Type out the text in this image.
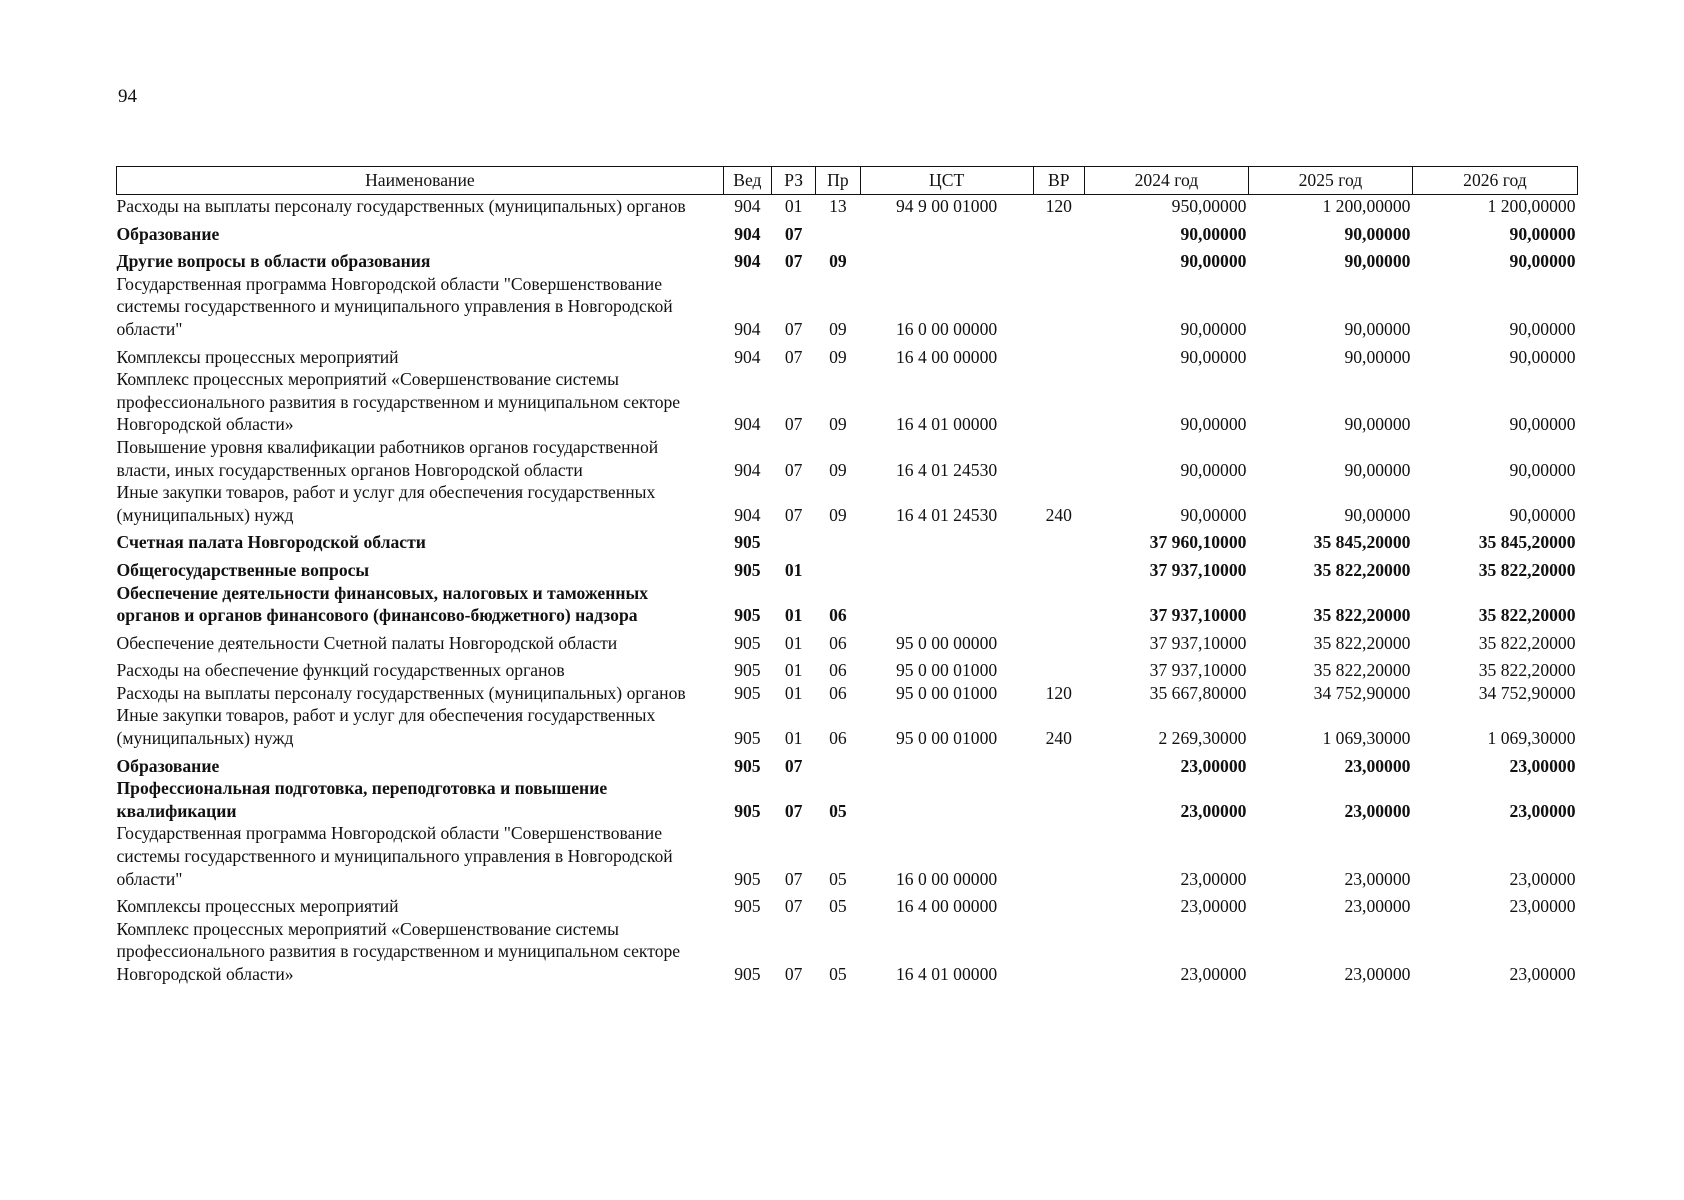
94
Наименование	Вед	РЗ	Пр	ЦСТ	ВР	2024 год	2025 год	2026 год
Расходы на выплаты персоналу государственных (муниципальных) органов	904	01	13	94 9 00 01000	120	950,00000	1 200,00000	1 200,00000
Образование	904	07				90,00000	90,00000	90,00000
Другие вопросы в области образования	904	07	09			90,00000	90,00000	90,00000
Государственная программа Новгородской области "Совершенствование системы государственного и муниципального управления в Новгородской области"	904	07	09	16 0 00 00000		90,00000	90,00000	90,00000
Комплексы процессных мероприятий	904	07	09	16 4 00 00000		90,00000	90,00000	90,00000
Комплекс процессных мероприятий «Совершенствование системы профессионального развития в государственном и муниципальном секторе Новгородской области»	904	07	09	16 4 01 00000		90,00000	90,00000	90,00000
Повышение уровня квалификации работников органов государственной власти, иных государственных органов Новгородской области	904	07	09	16 4 01 24530		90,00000	90,00000	90,00000
Иные закупки товаров, работ и услуг для обеспечения государственных (муниципальных) нужд	904	07	09	16 4 01 24530	240	90,00000	90,00000	90,00000
Счетная палата Новгородской области	905					37 960,10000	35 845,20000	35 845,20000
Общегосударственные вопросы	905	01				37 937,10000	35 822,20000	35 822,20000
Обеспечение деятельности финансовых, налоговых и таможенных органов и органов финансового (финансово-бюджетного) надзора	905	01	06			37 937,10000	35 822,20000	35 822,20000
Обеспечение деятельности Счетной палаты Новгородской области	905	01	06	95 0 00 00000		37 937,10000	35 822,20000	35 822,20000
Расходы на обеспечение функций государственных органов	905	01	06	95 0 00 01000		37 937,10000	35 822,20000	35 822,20000
Расходы на выплаты персоналу государственных (муниципальных) органов	905	01	06	95 0 00 01000	120	35 667,80000	34 752,90000	34 752,90000
Иные закупки товаров, работ и услуг для обеспечения государственных (муниципальных) нужд	905	01	06	95 0 00 01000	240	2 269,30000	1 069,30000	1 069,30000
Образование	905	07				23,00000	23,00000	23,00000
Профессиональная подготовка, переподготовка и повышение квалификации	905	07	05			23,00000	23,00000	23,00000
Государственная программа Новгородской области "Совершенствование системы государственного и муниципального управления в Новгородской области"	905	07	05	16 0 00 00000		23,00000	23,00000	23,00000
Комплексы процессных мероприятий	905	07	05	16 4 00 00000		23,00000	23,00000	23,00000
Комплекс процессных мероприятий «Совершенствование системы профессионального развития в государственном и муниципальном секторе Новгородской области»	905	07	05	16 4 01 00000		23,00000	23,00000	23,00000
